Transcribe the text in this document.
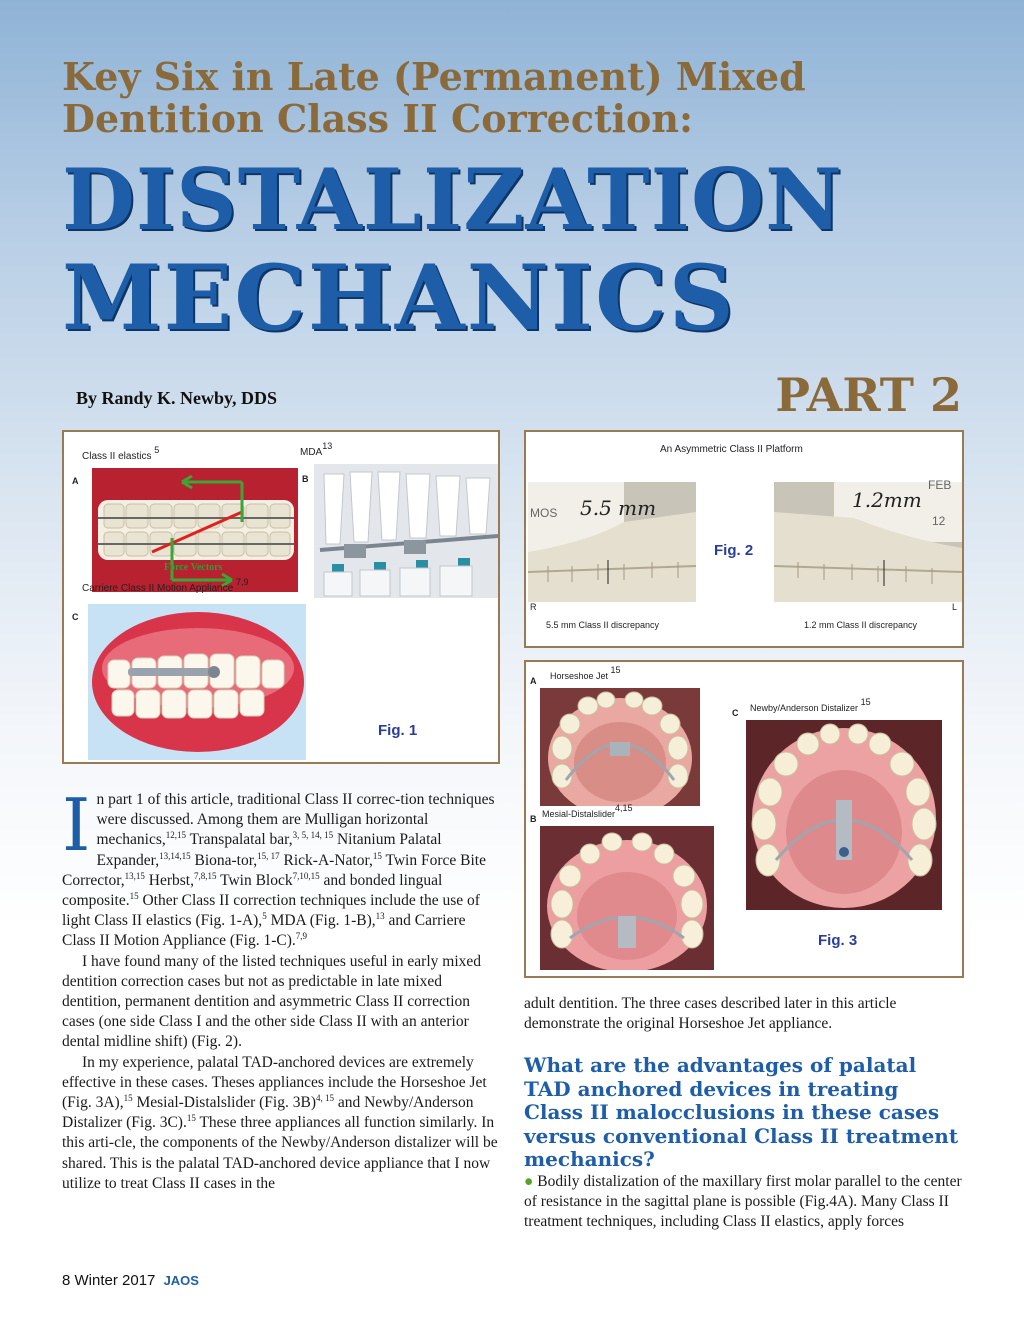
Key Six in Late (Permanent) Mixed
Dentition Class II Correction:
DISTALIZATION
MECHANICS
By Randy K. Newby, DDS	PART 2
Class II elastics $^5$
A
Force Vectors
MDA$^{13}$
B
Carriere Class II Motion Appliance $^{7,9}$
C
Fig. 1
An Asymmetric Class II Platform
5.5 mm
MOS
1.2mm
FEB
12
Fig. 2
R	L
5.5 mm Class II discrepancy	1.2 mm Class II discrepancy
A Horseshoe Jet $^{15}$
B Mesial-Distalslider$^{4,15}$
C Newby/Anderson Distalizer $^{15}$
Fig. 3

In part 1 of this article, traditional Class II correc-tion techniques were discussed. Among them are Mulligan horizontal mechanics,$^{12,15}$ Transpalatal bar,$^{3, 5, 14, 15}$ Nitanium Palatal Expander,$^{13,14,15}$ Biona-tor,$^{15, 17}$ Rick-A-Nator,$^{15}$ Twin Force Bite Corrector,$^{13,15}$ Herbst,$^{7,8,15}$ Twin Block$^{7,10,15}$ and bonded lingual composite.$^{15}$ Other Class II correction techniques include the use of light Class II elastics (Fig. 1-A),$^5$ MDA (Fig. 1-B),$^{13}$ and Carriere Class II Motion Appliance (Fig. 1-C).$^{7,9}$

I have found many of the listed techniques useful in early mixed dentition correction cases but not as predictable in late mixed dentition, permanent dentition and asymmetric Class II correction cases (one side Class I and the other side Class II with an anterior dental midline shift) (Fig. 2).

In my experience, palatal TAD-anchored devices are extremely effective in these cases. Theses appliances include the Horseshoe Jet (Fig. 3A),$^{15}$ Mesial-Distalslider (Fig. 3B)$^{4, 15}$ and Newby/Anderson Distalizer (Fig. 3C).$^{15}$ These three appliances all function similarly. In this arti-cle, the components of the Newby/Anderson distalizer will be shared. This is the palatal TAD-anchored device appliance that I now utilize to treat Class II cases in the

adult dentition. The three cases described later in this article demonstrate the original Horseshoe Jet appliance.
What are the advantages of palatal TAD anchored devices in treating Class II malocclusions in these cases versus conventional Class II treatment mechanics?
● Bodily distalization of the maxillary first molar parallel to the center of resistance in the sagittal plane is possible (Fig.4A). Many Class II treatment techniques, including Class II elastics, apply forces
8 Winter 2017 JAOS
